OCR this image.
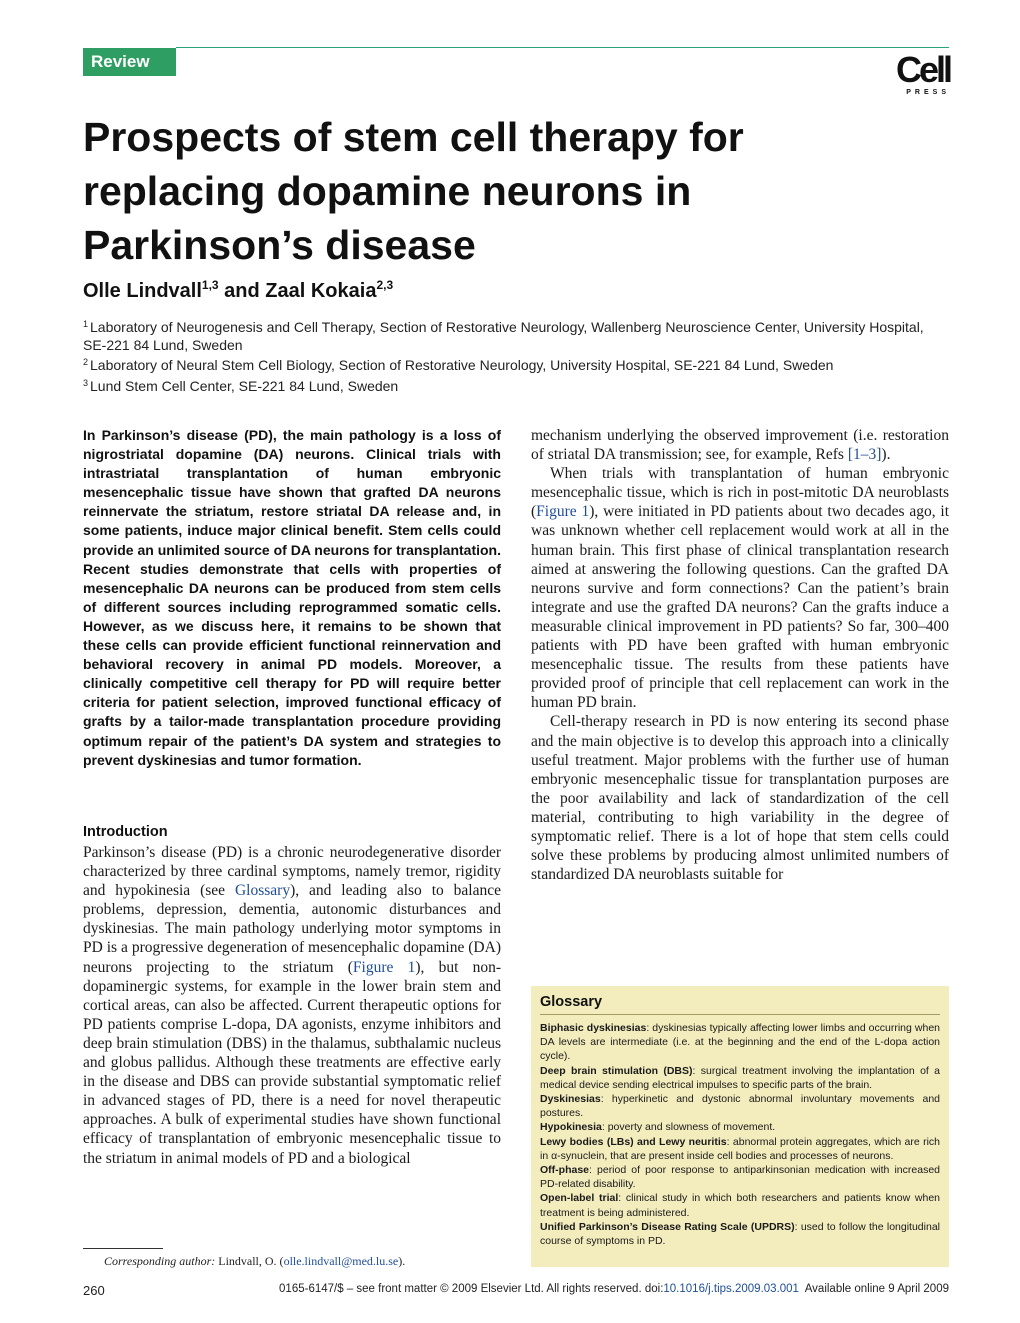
Review	Cell
PRESS
Prospects of stem cell therapy for replacing dopamine neurons in Parkinson’s disease
Olle Lindvall$^{1,3}$ and Zaal Kokaia$^{2,3}$
$^1$ Laboratory of Neurogenesis and Cell Therapy, Section of Restorative Neurology, Wallenberg Neuroscience Center, University Hospital, SE-221 84 Lund, Sweden
$^2$ Laboratory of Neural Stem Cell Biology, Section of Restorative Neurology, University Hospital, SE-221 84 Lund, Sweden
$^3$ Lund Stem Cell Center, SE-221 84 Lund, Sweden

In Parkinson’s disease (PD), the main pathology is a loss of nigrostriatal dopamine (DA) neurons. Clinical trials with intrastriatal transplantation of human embryonic mesencephalic tissue have shown that grafted DA neurons reinnervate the striatum, restore striatal DA release and, in some patients, induce major clinical benefit. Stem cells could provide an unlimited source of DA neurons for transplantation. Recent studies demonstrate that cells with properties of mesencephalic DA neurons can be produced from stem cells of different sources including reprogrammed somatic cells. However, as we discuss here, it remains to be shown that these cells can provide efficient functional reinnervation and behavioral recovery in animal PD models. Moreover, a clinically competitive cell therapy for PD will require better criteria for patient selection, improved functional efficacy of grafts by a tailor-made transplantation procedure providing optimum repair of the patient’s DA system and strategies to prevent dyskinesias and tumor formation.

Introduction

Parkinson’s disease (PD) is a chronic neurodegenerative disorder characterized by three cardinal symptoms, namely tremor, rigidity and hypokinesia (see Glossary), and leading also to balance problems, depression, dementia, autonomic disturbances and dyskinesias. The main pathology underlying motor symptoms in PD is a progressive degeneration of mesencephalic dopamine (DA) neurons projecting to the striatum (Figure 1), but non-dopaminergic systems, for example in the lower brain stem and cortical areas, can also be affected. Current therapeutic options for PD patients comprise L-dopa, DA agonists, enzyme inhibitors and deep brain stimulation (DBS) in the thalamus, subthalamic nucleus and globus pallidus. Although these treatments are effective early in the disease and DBS can provide substantial symptomatic relief in advanced stages of PD, there is a need for novel therapeutic approaches. A bulk of experimental studies have shown functional efficacy of transplantation of embryonic mesencephalic tissue to the striatum in animal models of PD and a biological

mechanism underlying the observed improvement (i.e. restoration of striatal DA transmission; see, for example, Refs [1–3]).

When trials with transplantation of human embryonic mesencephalic tissue, which is rich in post-mitotic DA neuroblasts (Figure 1), were initiated in PD patients about two decades ago, it was unknown whether cell replacement would work at all in the human brain. This first phase of clinical transplantation research aimed at answering the following questions. Can the grafted DA neurons survive and form connections? Can the patient’s brain integrate and use the grafted DA neurons? Can the grafts induce a measurable clinical improvement in PD patients? So far, 300–400 patients with PD have been grafted with human embryonic mesencephalic tissue. The results from these patients have provided proof of principle that cell replacement can work in the human PD brain.

Cell-therapy research in PD is now entering its second phase and the main objective is to develop this approach into a clinically useful treatment. Major problems with the further use of human embryonic mesencephalic tissue for transplantation purposes are the poor availability and lack of standardization of the cell material, contributing to high variability in the degree of symptomatic relief. There is a lot of hope that stem cells could solve these problems by producing almost unlimited numbers of standardized DA neuroblasts suitable for

Glossary

Biphasic dyskinesias: dyskinesias typically affecting lower limbs and occurring when DA levels are intermediate (i.e. at the beginning and the end of the L-dopa action cycle).

Deep brain stimulation (DBS): surgical treatment involving the implantation of a medical device sending electrical impulses to specific parts of the brain.

Dyskinesias: hyperkinetic and dystonic abnormal involuntary movements and postures.

Hypokinesia: poverty and slowness of movement.

Lewy bodies (LBs) and Lewy neuritis: abnormal protein aggregates, which are rich in α-synuclein, that are present inside cell bodies and processes of neurons.

Off-phase: period of poor response to antiparkinsonian medication with increased PD-related disability.

Open-label trial: clinical study in which both researchers and patients know when treatment is being administered.

Unified Parkinson’s Disease Rating Scale (UPDRS): used to follow the longitudinal course of symptoms in PD.

Corresponding author: Lindvall, O. (olle.lindvall@med.lu.se).
260	0165-6147/$ – see front matter © 2009 Elsevier Ltd. All rights reserved. doi:10.1016/j.tips.2009.03.001  Available online 9 April 2009
